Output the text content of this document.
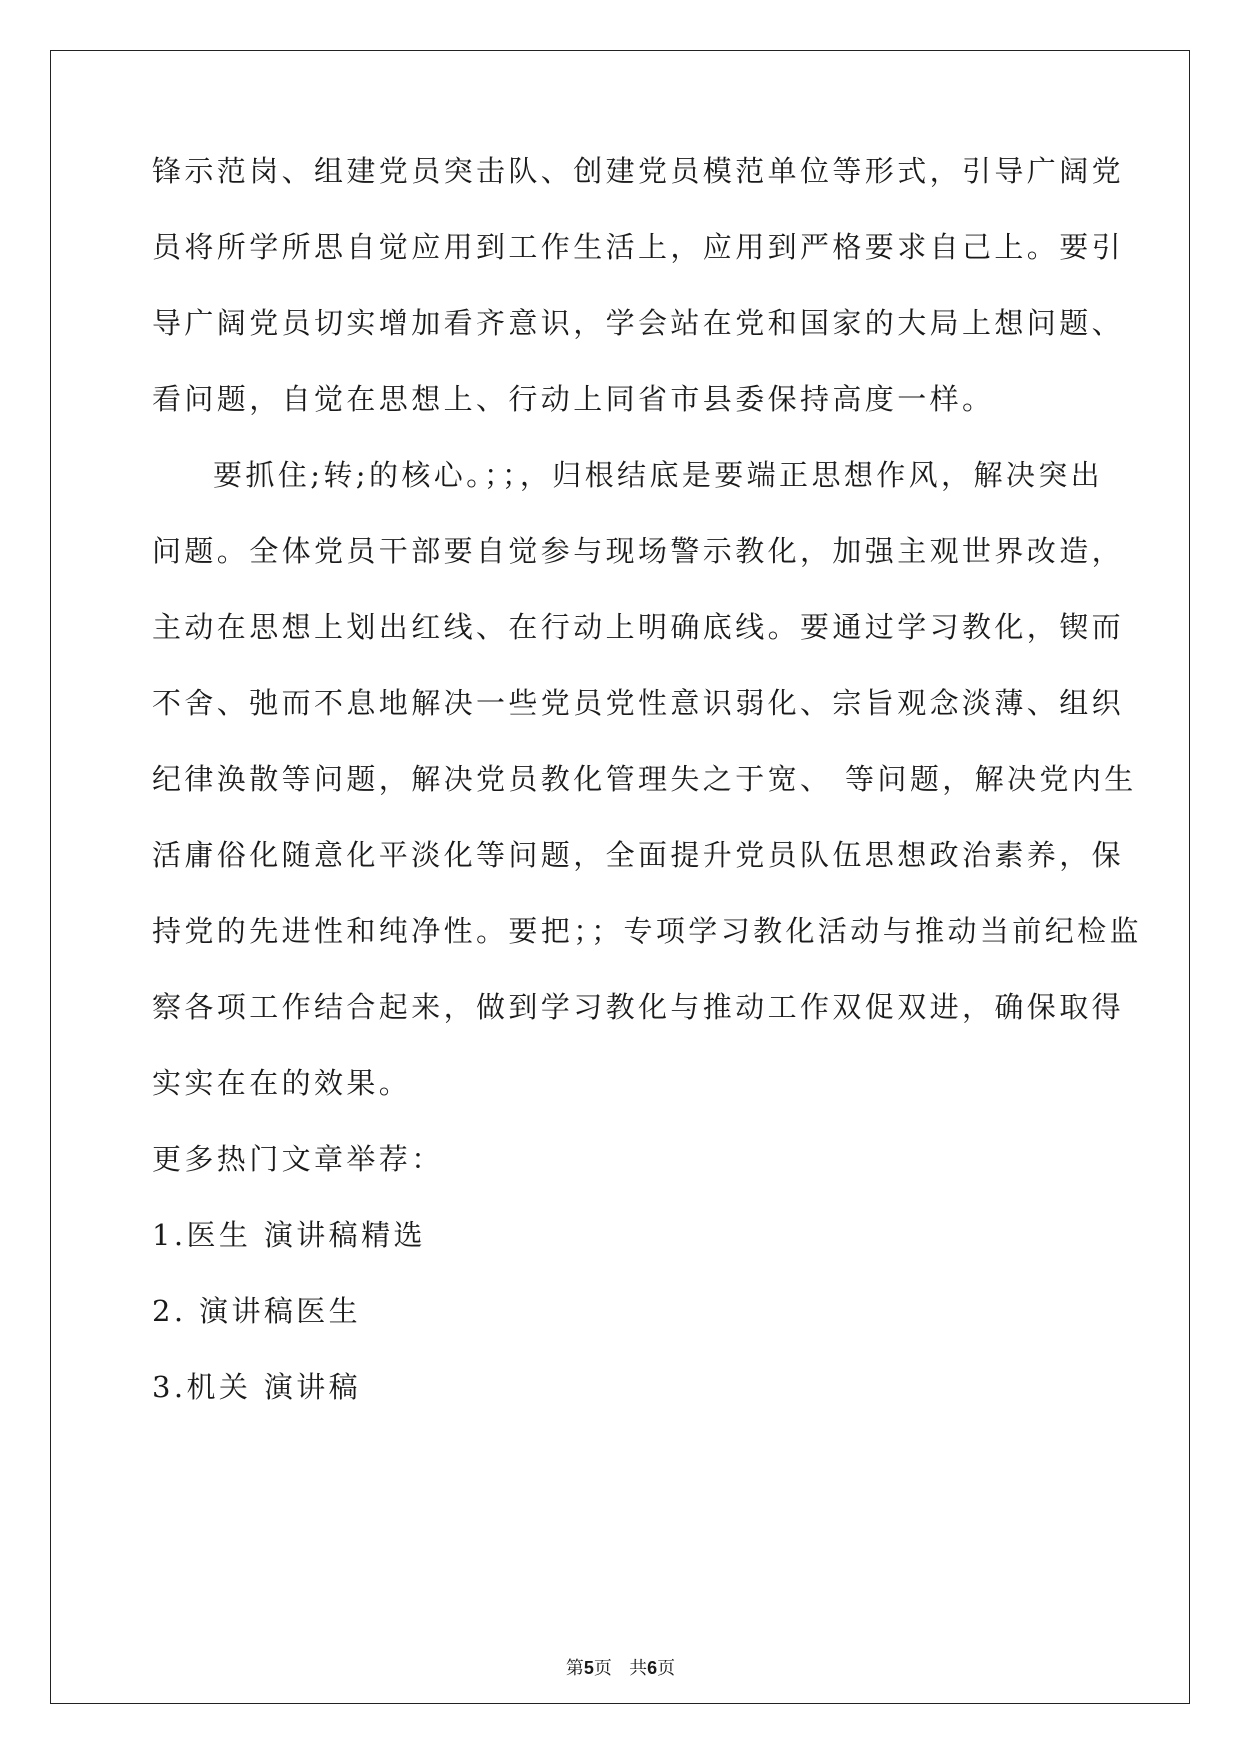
锋示范岗、组建党员突击队、创建党员模范单位等形式，引导广阔党
员将所学所思自觉应用到工作生活上，应用到严格要求自己上。要引
导广阔党员切实增加看齐意识，学会站在党和国家的大局上想问题、
看问题，自觉在思想上、行动上同省市县委保持高度一样。
要抓住;转;的核心。；；，归根结底是要端正思想作风，解决突出
问题。全体党员干部要自觉参与现场警示教化，加强主观世界改造，
主动在思想上划出红线、在行动上明确底线。要通过学习教化，锲而
不舍、弛而不息地解决一些党员党性意识弱化、宗旨观念淡薄、组织
纪律涣散等问题，解决党员教化管理失之于宽、 等问题，解决党内生
活庸俗化随意化平淡化等问题，全面提升党员队伍思想政治素养，保
持党的先进性和纯净性。要把；；专项学习教化活动与推动当前纪检监
察各项工作结合起来，做到学习教化与推动工作双促双进，确保取得
实实在在的效果。
更多热门文章举荐：
1.医生 演讲稿精选
2. 演讲稿医生
3.机关 演讲稿
第5页   共6页
